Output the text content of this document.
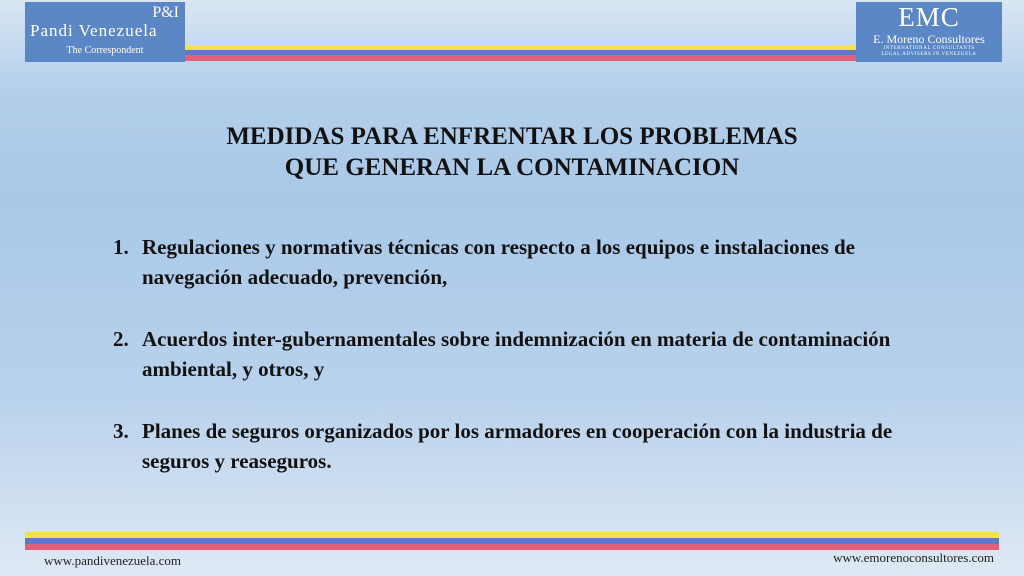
P&I
Pandi Venezuela
The Correspondent
EMC
E. Moreno Consultores
INTERNATIONAL CONSULTANTS
LEGAL ADVISERS IN VENEZUELA
MEDIDAS PARA ENFRENTAR LOS PROBLEMAS
QUE GENERAN LA CONTAMINACION
1. Regulaciones y normativas técnicas con respecto a los equipos e instalaciones de navegación adecuado, prevención,
2. Acuerdos inter-gubernamentales sobre indemnización en materia de contaminación ambiental, y otros, y
3. Planes de seguros organizados por los armadores en cooperación con la industria de seguros y reaseguros.
www.pandivenezuela.com	www.emorenoconsultores.com
